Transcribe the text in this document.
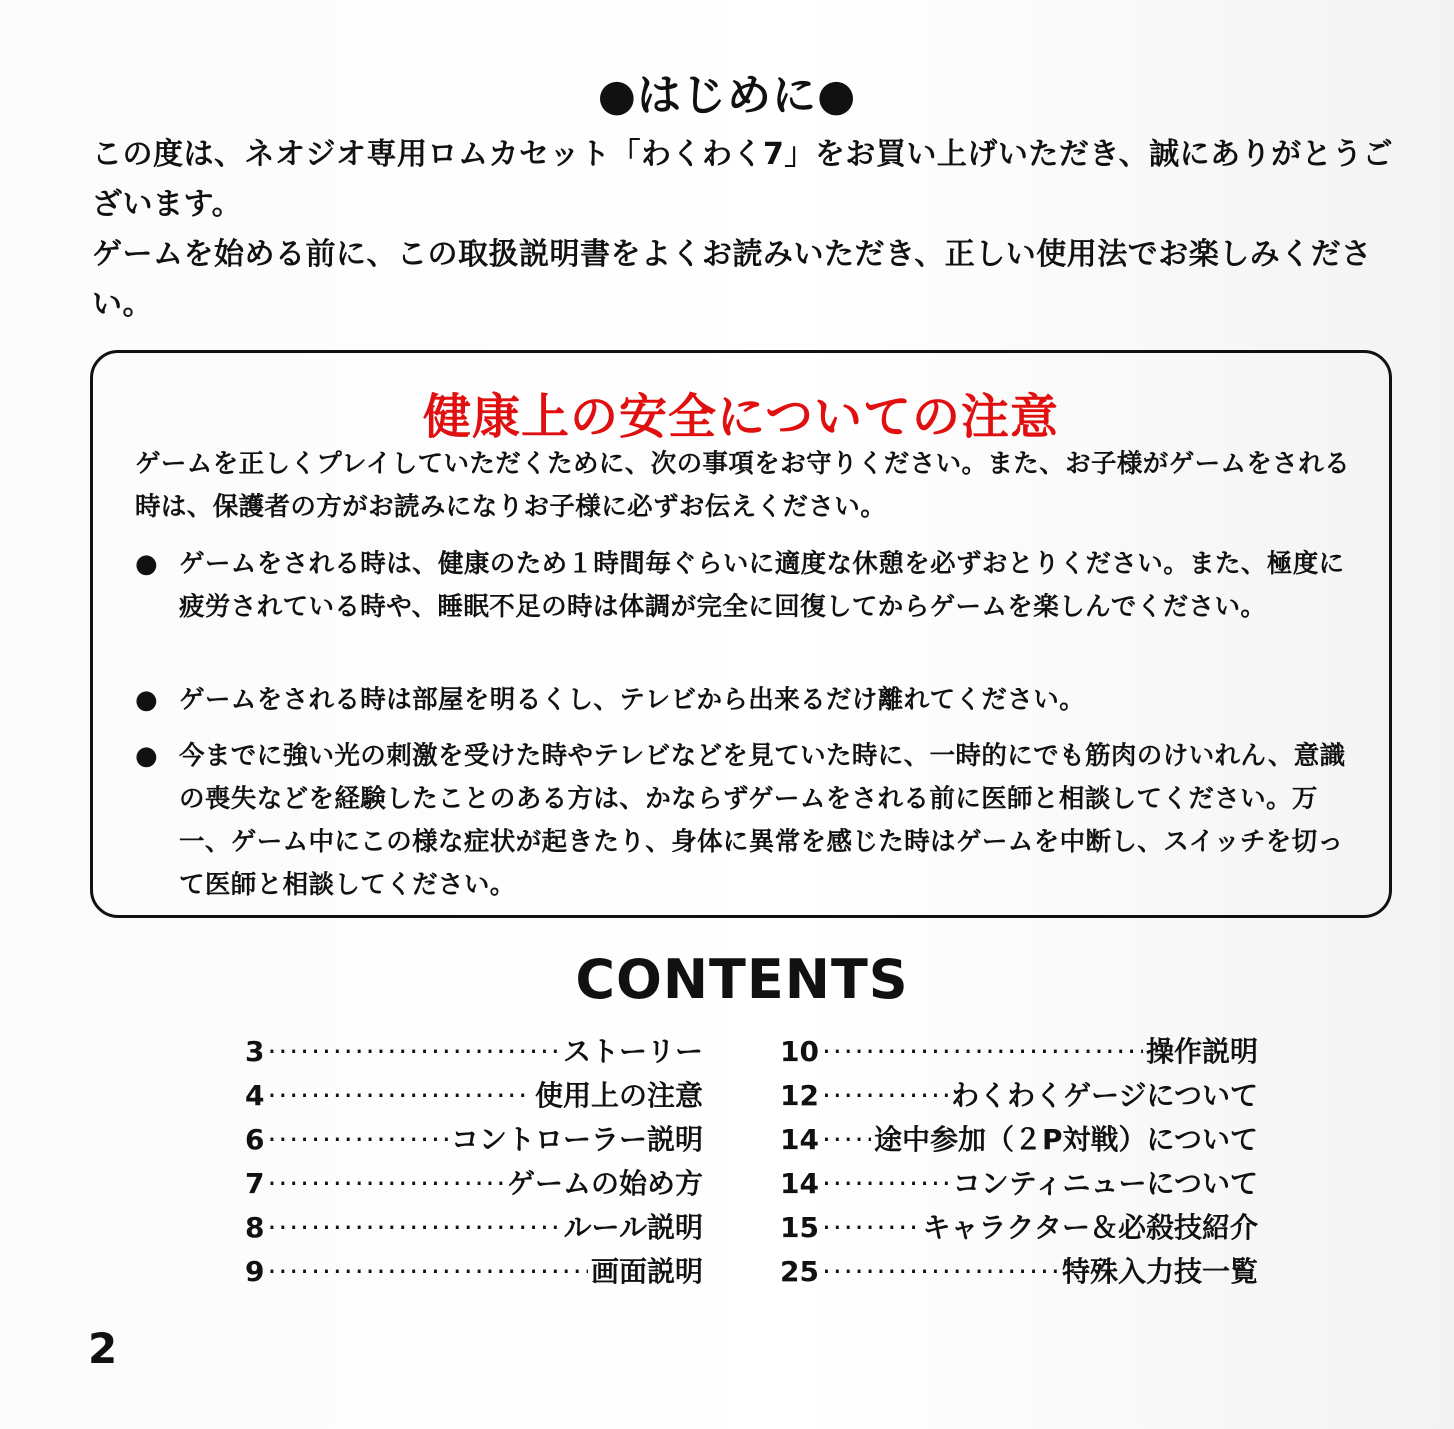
●はじめに●

この度は、ネオジオ専用ロムカセット「わくわく7」をお買い上げいただき、誠にありがとうございます。

ゲームを始める前に、この取扱説明書をよくお読みいただき、正しい使用法でお楽しみください。

健康上の安全についての注意
ゲームを正しくプレイしていただくために、次の事項をお守りください。また、お子様がゲームをされる時は、保護者の方がお読みになりお子様に必ずお伝えください。
● ゲームをされる時は、健康のため１時間毎ぐらいに適度な休憩を必ずおとりください。また、極度に疲労されている時や、睡眠不足の時は体調が完全に回復してからゲームを楽しんでください。
● ゲームをされる時は部屋を明るくし、テレビから出来るだけ離れてください。
● 今までに強い光の刺激を受けた時やテレビなどを見ていた時に、一時的にでも筋肉のけいれん、意識の喪失などを経験したことのある方は、かならずゲームをされる前に医師と相談してください。万一、ゲーム中にこの様な症状が起きたり、身体に異常を感じた時はゲームを中断し、スイッチを切って医師と相談してください。
CONTENTS
3 ·····	ストーリー
4 ·····	使用上の注意
6 ·····	コントローラー説明
7 ·····	ゲームの始め方
8 ·····	ルール説明
9 ·····	画面説明
10 ·····	操作説明
12 ·····	わくわくゲージについて
14 ····· 途中参加（２P対戦）について
14 ·····	コンティニューについて
15 ·····	キャラクター＆必殺技紹介
25 ·····	特殊入力技一覧
2
